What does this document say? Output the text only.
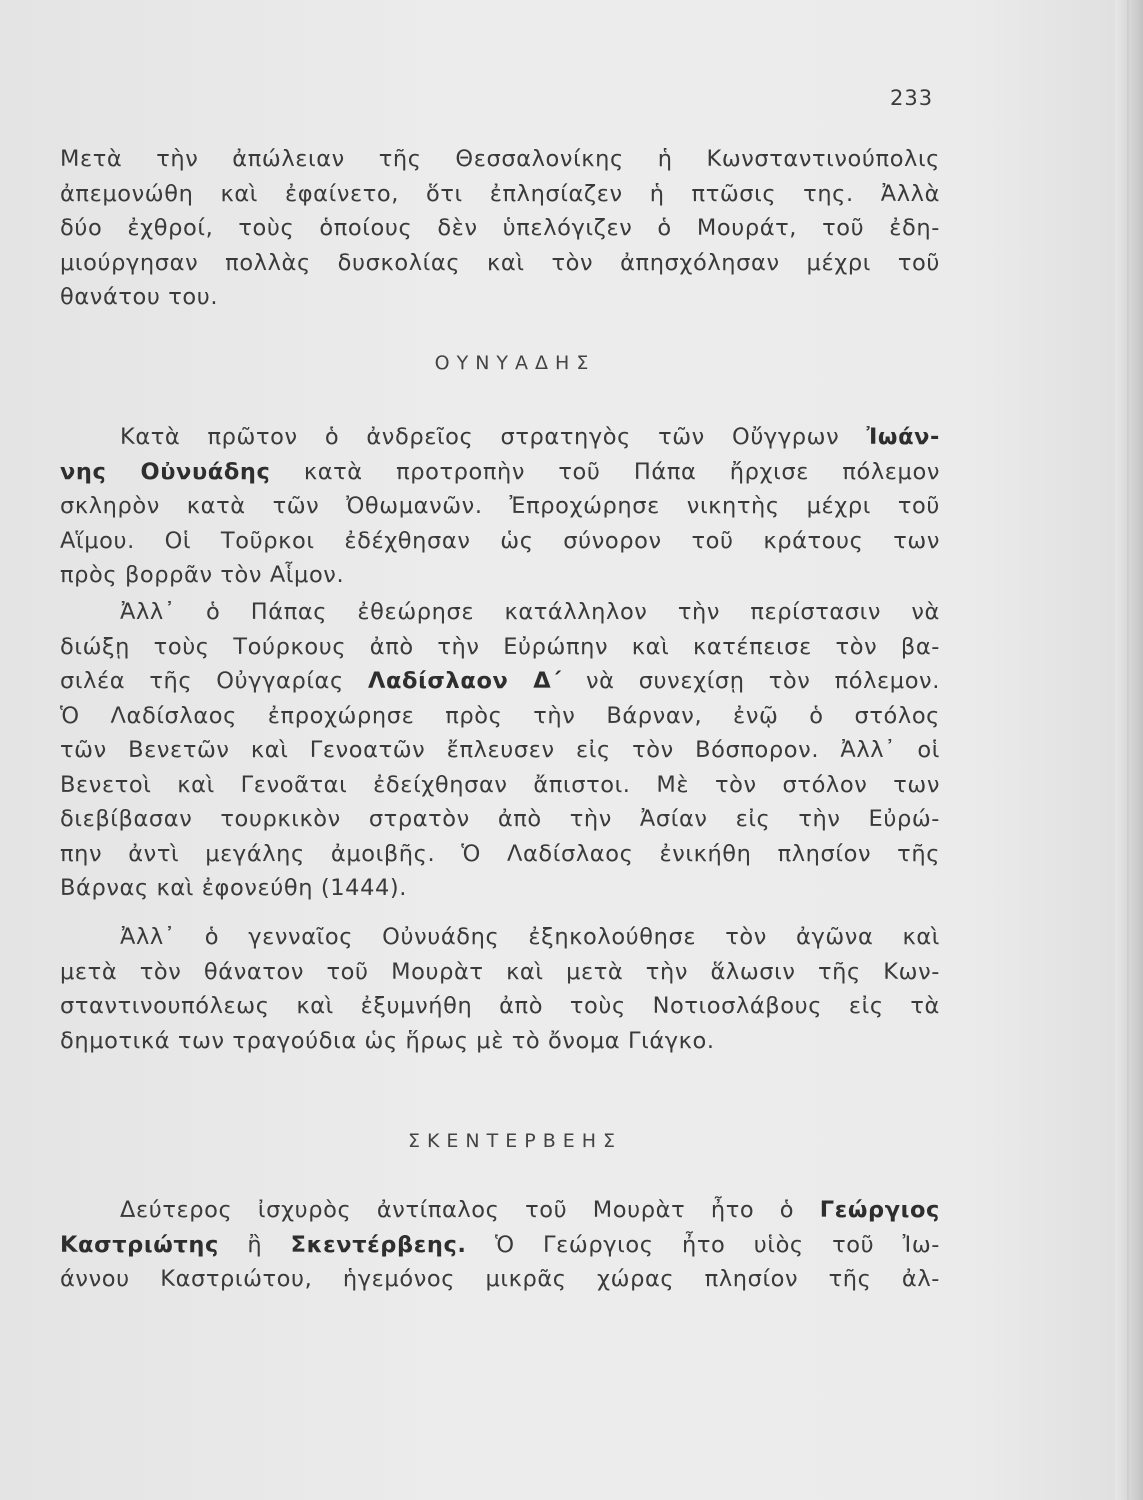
233
Μετὰ τὴν ἀπώλειαν τῆς Θεσσαλονίκης ἡ Κωνσταντινούπολις
ἀπεμονώθη καὶ ἐφαίνετο, ὅτι ἐπλησίαζεν ἡ πτῶσις της. Ἀλλὰ
δύο ἐχθροί, τοὺς ὁποίους δὲν ὑπελόγιζεν ὁ Μουράτ, τοῦ ἐδη-
μιούργησαν πολλὰς δυσκολίας καὶ τὸν ἀπησχόλησαν μέχρι τοῦ
θανάτου του.
ΟΥΝΥΑΔΗΣ
Κατὰ πρῶτον ὁ ἀνδρεῖος στρατηγὸς τῶν Οὔγγρων Ἰωάν-
νης Οὐνυάδης κατὰ προτροπὴν τοῦ Πάπα ἤρχισε πόλεμον
σκληρὸν κατὰ τῶν Ὀθωμανῶν. Ἐπροχώρησε νικητὴς μέχρι τοῦ
Αἵμου. Οἱ Τοῦρκοι ἐδέχθησαν ὡς σύνορον τοῦ κράτους των
πρὸς βορρᾶν τὸν Αἷμον.
Ἀλλ᾽ ὁ Πάπας ἐθεώρησε κατάλληλον τὴν περίστασιν νὰ
διώξῃ τοὺς Τούρκους ἀπὸ τὴν Εὐρώπην καὶ κατέπεισε τὸν βα-
σιλέα τῆς Οὐγγαρίας Λαδίσλαον Δ΄ νὰ συνεχίσῃ τὸν πόλεμον.
Ὁ Λαδίσλαος ἐπροχώρησε πρὸς τὴν Βάρναν, ἐνῷ ὁ στόλος
τῶν Βενετῶν καὶ Γενοατῶν ἔπλευσεν εἰς τὸν Βόσπορον. Ἀλλ᾽ οἱ
Βενετοὶ καὶ Γενοᾶται ἐδείχθησαν ἄπιστοι. Μὲ τὸν στόλον των
διεβίβασαν τουρκικὸν στρατὸν ἀπὸ τὴν Ἀσίαν εἰς τὴν Εὐρώ-
πην ἀντὶ μεγάλης ἀμοιβῆς. Ὁ Λαδίσλαος ἐνικήθη πλησίον τῆς
Βάρνας καὶ ἐφονεύθη (1444).
Ἀλλ᾽ ὁ γενναῖος Οὐνυάδης ἐξηκολούθησε τὸν ἀγῶνα καὶ
μετὰ τὸν θάνατον τοῦ Μουρὰτ καὶ μετὰ τὴν ἅλωσιν τῆς Κων-
σταντινουπόλεως καὶ ἐξυμνήθη ἀπὸ τοὺς Νοτιοσλάβους εἰς τὰ
δημοτικά των τραγούδια ὡς ἥρως μὲ τὸ ὄνομα Γιάγκο.
ΣΚΕΝΤΕΡΒΕΗΣ
Δεύτερος ἰσχυρὸς ἀντίπαλος τοῦ Μουρὰτ ἦτο ὁ Γεώργιος
Καστριώτης ἢ Σκεντέρβεης. Ὁ Γεώργιος ἦτο υἱὸς τοῦ Ἰω-
άννου Καστριώτου, ἡγεμόνος μικρᾶς χώρας πλησίον τῆς ἀλ-
